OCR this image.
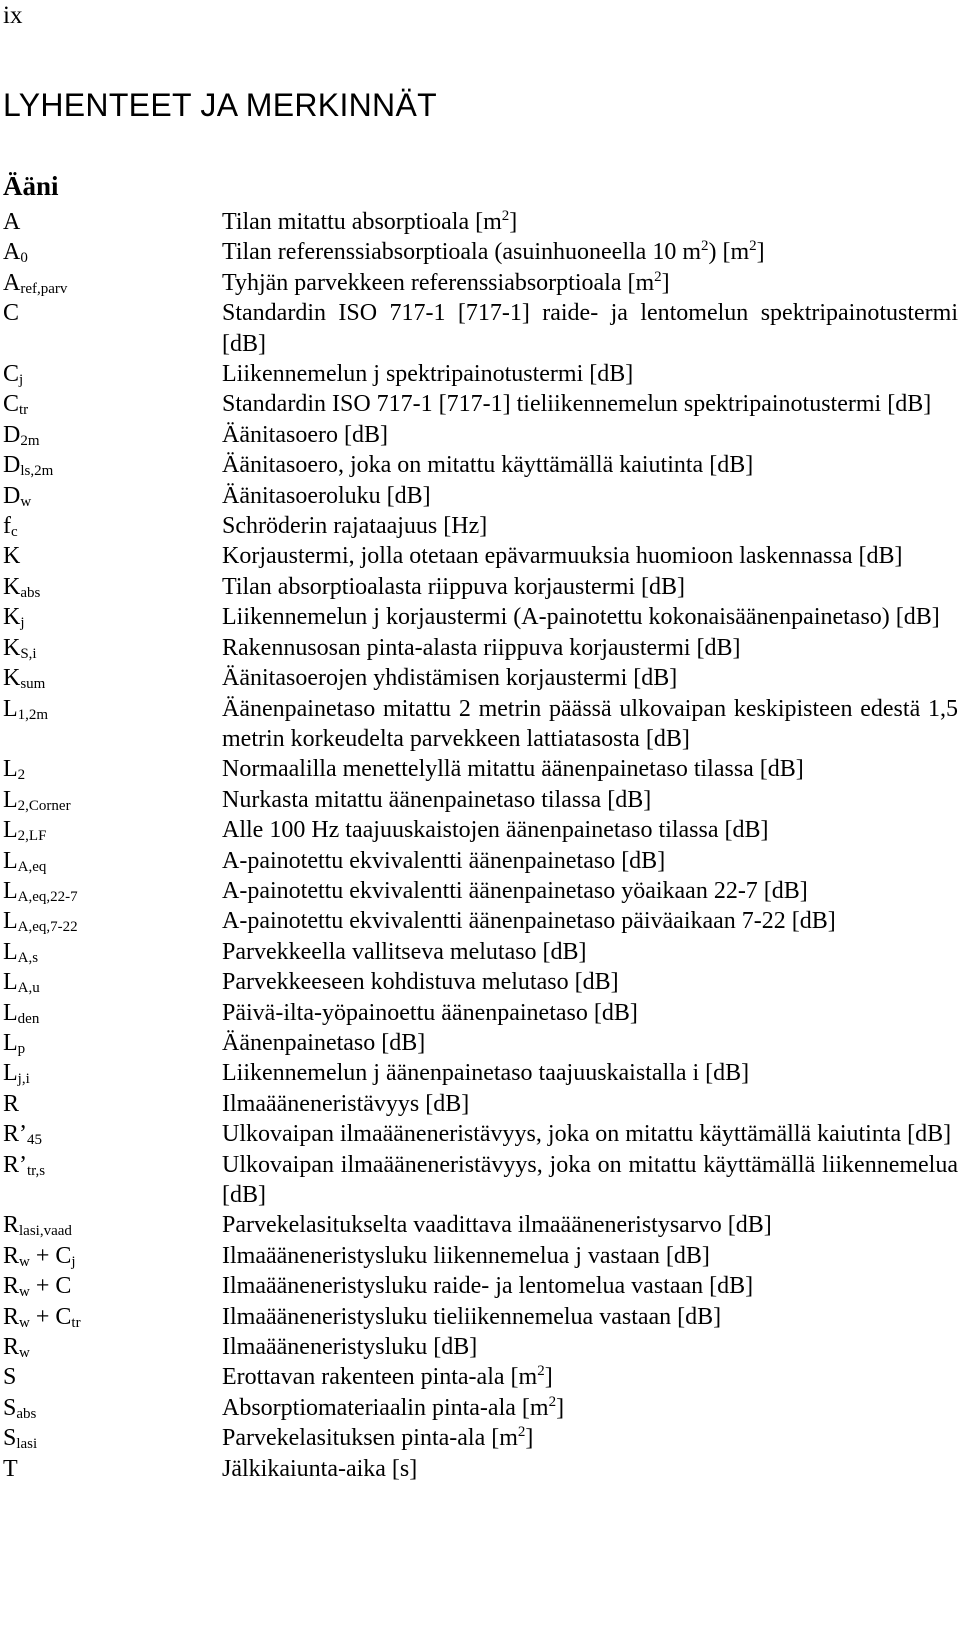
ix
LYHENTEET JA MERKINNÄT
Ääni
A	Tilan mitattu absorptioala $[m^2]$
$A_0$	Tilan referenssiabsorptioala (asuinhuoneella 10 $m^2$) $[m^2]$
$A_{ref,parv}$	Tyhjän parvekkeen referenssiabsorptioala $[m^2]$
C	Standardin ISO 717-1 [717-1] raide- ja lentomelun spektripainotustermi [dB]
$C_j$	Liikennemelun j spektripainotustermi [dB]
$C_{tr}$	Standardin ISO 717-1 [717-1] tieliikennemelun spektripainotustermi [dB]
$D_{2m}$	Äänitasoero [dB]
$D_{ls,2m}$	Äänitasoero, joka on mitattu käyttämällä kaiutinta [dB]
$D_w$	Äänitasoeroluku [dB]
$f_c$	Schröderin rajataajuus [Hz]
K	Korjaustermi, jolla otetaan epävarmuuksia huomioon laskennassa [dB]
$K_{abs}$	Tilan absorptioalasta riippuva korjaustermi [dB]
$K_j$	Liikennemelun j korjaustermi (A-painotettu kokonaisäänenpainetaso) [dB]
$K_{S,i}$	Rakennusosan pinta-alasta riippuva korjaustermi [dB]
$K_{sum}$	Äänitasoerojen yhdistämisen korjaustermi [dB]
$L_{1,2m}$	Äänenpainetaso mitattu 2 metrin päässä ulkovaipan keskipisteen edestä 1,5 metrin korkeudelta parvekkeen lattiatasosta [dB]
$L_2$	Normaalilla menettelyllä mitattu äänenpainetaso tilassa [dB]
$L_{2,Corner}$	Nurkasta mitattu äänenpainetaso tilassa [dB]
$L_{2,LF}$	Alle 100 Hz taajuuskaistojen äänenpainetaso tilassa [dB]
$L_{A,eq}$	A-painotettu ekvivalentti äänenpainetaso [dB]
$L_{A,eq,22-7}$	A-painotettu ekvivalentti äänenpainetaso yöaikaan 22-7 [dB]
$L_{A,eq,7-22}$	A-painotettu ekvivalentti äänenpainetaso päiväaikaan 7-22 [dB]
$L_{A,s}$	Parvekkeella vallitseva melutaso [dB]
$L_{A,u}$	Parvekkeeseen kohdistuva melutaso [dB]
$L_{den}$	Päivä-ilta-yöpainoettu äänenpainetaso [dB]
$L_p$	Äänenpainetaso [dB]
$L_{j,i}$	Liikennemelun j äänenpainetaso taajuuskaistalla i [dB]
R	Ilmaääneneristävyys [dB]
$R’_{45}$	Ulkovaipan ilmaääneneristävyys, joka on mitattu käyttämällä kaiutinta [dB]
$R’_{tr,s}$	Ulkovaipan ilmaääneneristävyys, joka on mitattu käyttämällä liikennemelua [dB]
$R_{lasi,vaad}$	Parvekelasitukselta vaadittava ilmaääneneristysarvo [dB]
$R_w + C_j$	Ilmaääneneristysluku liikennemelua j vastaan [dB]
$R_w + C$	Ilmaääneneristysluku raide- ja lentomelua vastaan [dB]
$R_w + C_{tr}$	Ilmaääneneristysluku tieliikennemelua vastaan [dB]
$R_w$	Ilmaääneneristysluku [dB]
S	Erottavan rakenteen pinta-ala $[m^2]$
$S_{abs}$	Absorptiomateriaalin pinta-ala $[m^2]$
$S_{lasi}$	Parvekelasituksen pinta-ala $[m^2]$
T	Jälkikaiunta-aika [s]
